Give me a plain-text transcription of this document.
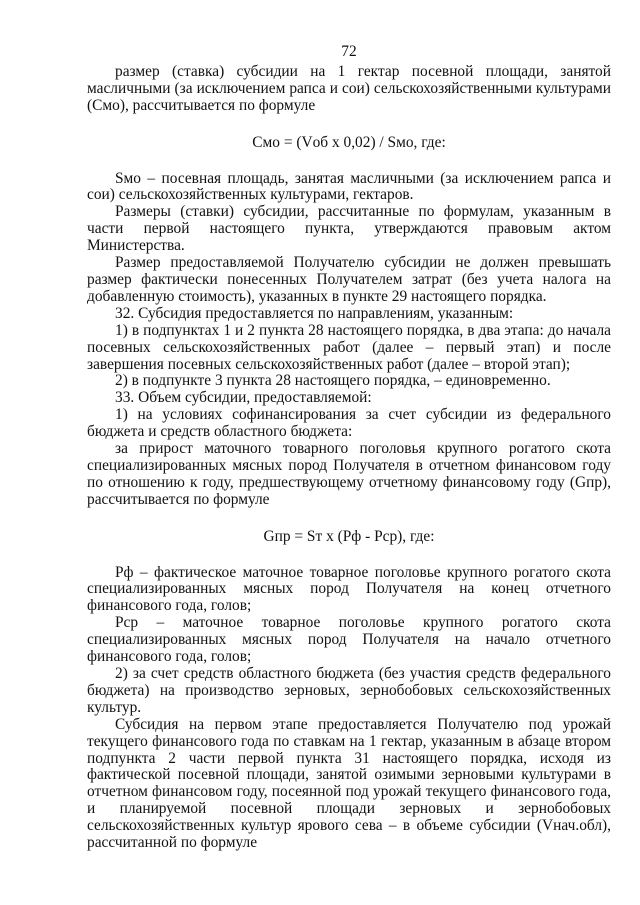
72

размер (ставка) субсидии на 1 гектар посевной площади, занятой масличными (за исключением рапса и сои) сельскохозяйственными культурами (Смо), рассчитывается по формуле

Смо = (Vоб х 0,02) / Sмо, где:

Sмо – посевная площадь, занятая масличными (за исключением рапса и сои) сельскохозяйственных культурами, гектаров.

Размеры (ставки) субсидии, рассчитанные по формулам, указанным в части первой настоящего пункта, утверждаются правовым актом Министерства.

Размер предоставляемой Получателю субсидии не должен превышать размер фактически понесенных Получателем затрат (без учета налога на добавленную стоимость), указанных в пункте 29 настоящего порядка.

32. Субсидия предоставляется по направлениям, указанным:

1) в подпунктах 1 и 2 пункта 28 настоящего порядка, в два этапа: до начала посевных сельскохозяйственных работ (далее – первый этап) и после завершения посевных сельскохозяйственных работ (далее – второй этап);

2) в подпункте 3 пункта 28 настоящего порядка, – единовременно.

33. Объем субсидии, предоставляемой:

1) на условиях софинансирования за счет субсидии из федерального бюджета и средств областного бюджета:

за прирост маточного товарного поголовья крупного рогатого скота специализированных мясных пород Получателя в отчетном финансовом году по отношению к году, предшествующему отчетному финансовому году (Gпр), рассчитывается по формуле

Gпр = Sт х (Рф - Рср), где:

Рф – фактическое маточное товарное поголовье крупного рогатого скота специализированных мясных пород Получателя на конец отчетного финансового года, голов;

Рср – маточное товарное поголовье крупного рогатого скота специализированных мясных пород Получателя на начало отчетного финансового года, голов;

2) за счет средств областного бюджета (без участия средств федерального бюджета) на производство зерновых, зернобобовых сельскохозяйственных культур.

Субсидия на первом этапе предоставляется Получателю под урожай текущего финансового года по ставкам на 1 гектар, указанным в абзаце втором подпункта 2 части первой пункта 31 настоящего порядка, исходя из фактической посевной площади, занятой озимыми зерновыми культурами в отчетном финансовом году, посеянной под урожай текущего финансового года, и планируемой посевной площади зерновых и зернобобовых сельскохозяйственных культур ярового сева – в объеме субсидии (Vнач.обл), рассчитанной по формуле
